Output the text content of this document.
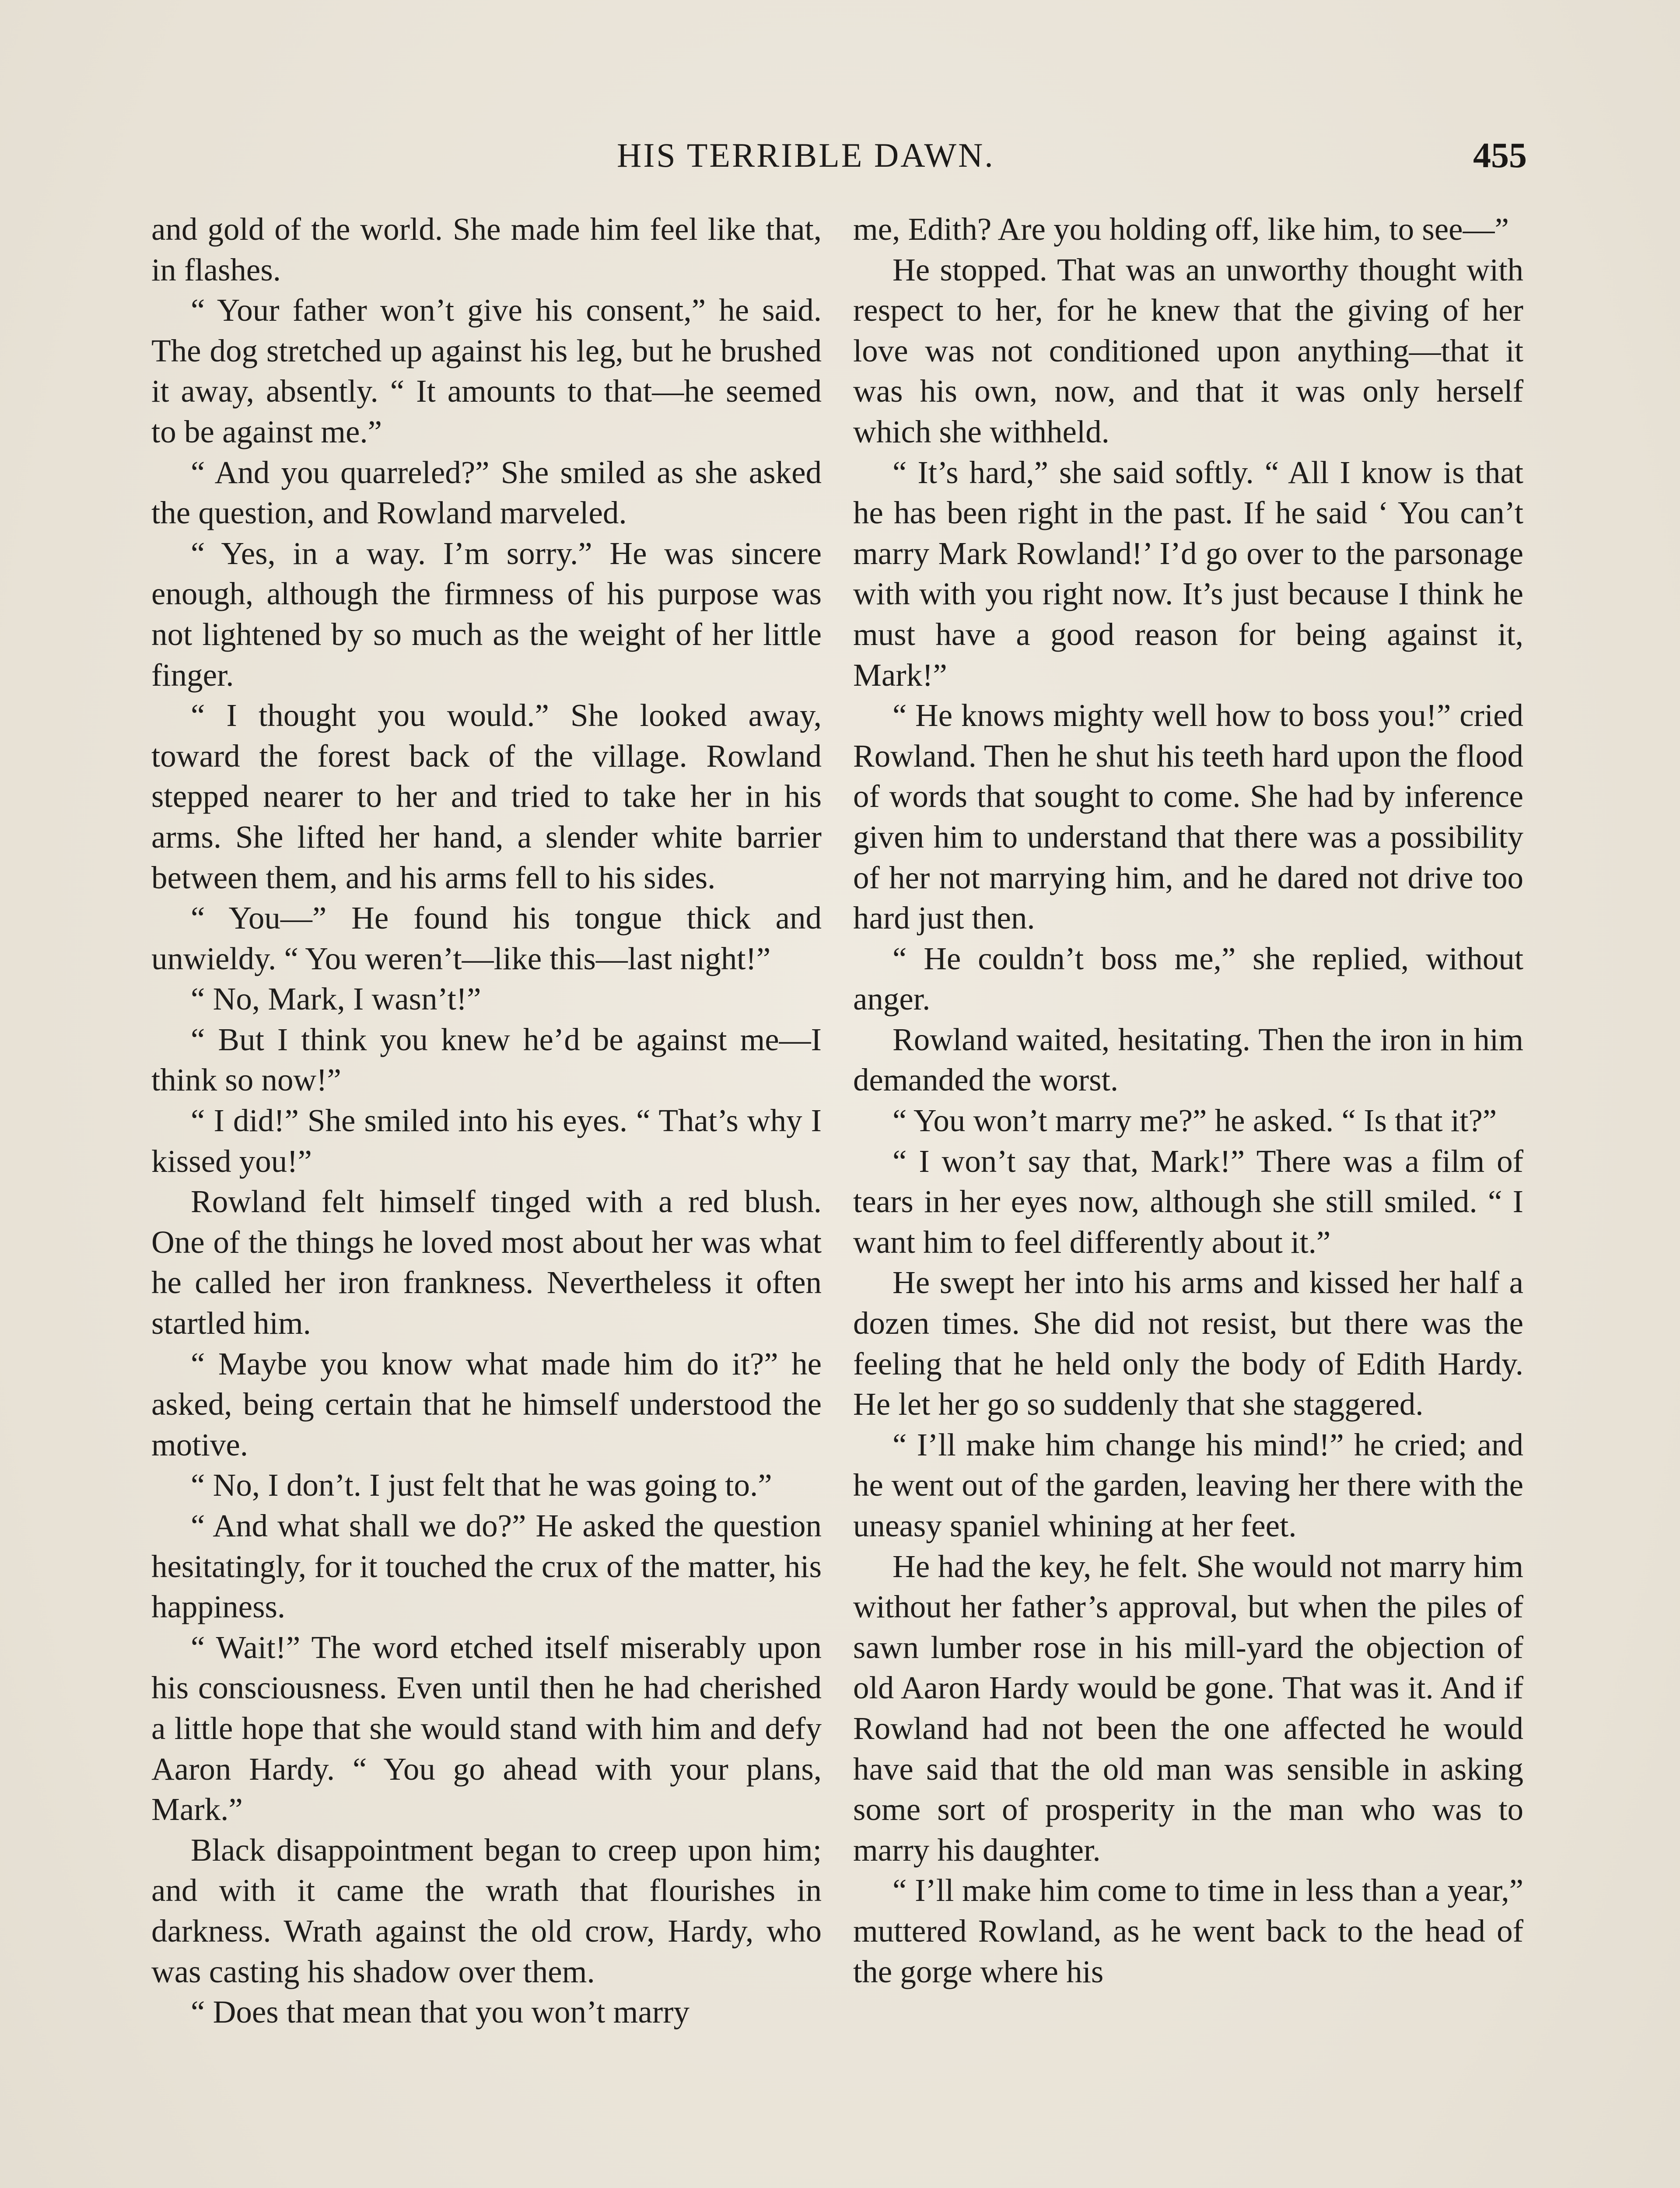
HIS TERRIBLE DAWN.	455

and gold of the world. She made him feel like that, in flashes.

“ Your father won’t give his consent,” he said. The dog stretched up against his leg, but he brushed it away, absently. “ It amounts to that—he seemed to be against me.”

“ And you quarreled?” She smiled as she asked the question, and Rowland marveled.

“ Yes, in a way. I’m sorry.” He was sincere enough, although the firmness of his purpose was not lightened by so much as the weight of her little finger.

“ I thought you would.” She looked away, toward the forest back of the village. Rowland stepped nearer to her and tried to take her in his arms. She lifted her hand, a slender white barrier between them, and his arms fell to his sides.

“ You—” He found his tongue thick and unwieldy. “ You weren’t—like this—last night!”

“ No, Mark, I wasn’t!”

“ But I think you knew he’d be against me—I think so now!”

“ I did!” She smiled into his eyes. “ That’s why I kissed you!”

Rowland felt himself tinged with a red blush. One of the things he loved most about her was what he called her iron frankness. Nevertheless it often startled him.

“ Maybe you know what made him do it?” he asked, being certain that he himself understood the motive.

“ No, I don’t. I just felt that he was going to.”

“ And what shall we do?” He asked the question hesitatingly, for it touched the crux of the matter, his happiness.

“ Wait!” The word etched itself miserably upon his consciousness. Even until then he had cherished a little hope that she would stand with him and defy Aaron Hardy. “ You go ahead with your plans, Mark.”

Black disappointment began to creep upon him; and with it came the wrath that flourishes in darkness. Wrath against the old crow, Hardy, who was casting his shadow over them.

“ Does that mean that you won’t marry

me, Edith? Are you holding off, like him, to see—”

He stopped. That was an unworthy thought with respect to her, for he knew that the giving of her love was not conditioned upon anything—that it was his own, now, and that it was only herself which she withheld.

“ It’s hard,” she said softly. “ All I know is that he has been right in the past. If he said ‘ You can’t marry Mark Rowland!’ I’d go over to the parsonage with with you right now. It’s just because I think he must have a good reason for being against it, Mark!”

“ He knows mighty well how to boss you!” cried Rowland. Then he shut his teeth hard upon the flood of words that sought to come. She had by inference given him to understand that there was a possibility of her not marrying him, and he dared not drive too hard just then.

“ He couldn’t boss me,” she replied, without anger.

Rowland waited, hesitating. Then the iron in him demanded the worst.

“ You won’t marry me?” he asked. “ Is that it?”

“ I won’t say that, Mark!” There was a film of tears in her eyes now, although she still smiled. “ I want him to feel differently about it.”

He swept her into his arms and kissed her half a dozen times. She did not resist, but there was the feeling that he held only the body of Edith Hardy. He let her go so suddenly that she staggered.

“ I’ll make him change his mind!” he cried; and he went out of the garden, leaving her there with the uneasy spaniel whining at her feet.

He had the key, he felt. She would not marry him without her father’s approval, but when the piles of sawn lumber rose in his mill-yard the objection of old Aaron Hardy would be gone. That was it. And if Rowland had not been the one affected he would have said that the old man was sensible in asking some sort of prosperity in the man who was to marry his daughter.

“ I’ll make him come to time in less than a year,” muttered Rowland, as he went back to the head of the gorge where his
